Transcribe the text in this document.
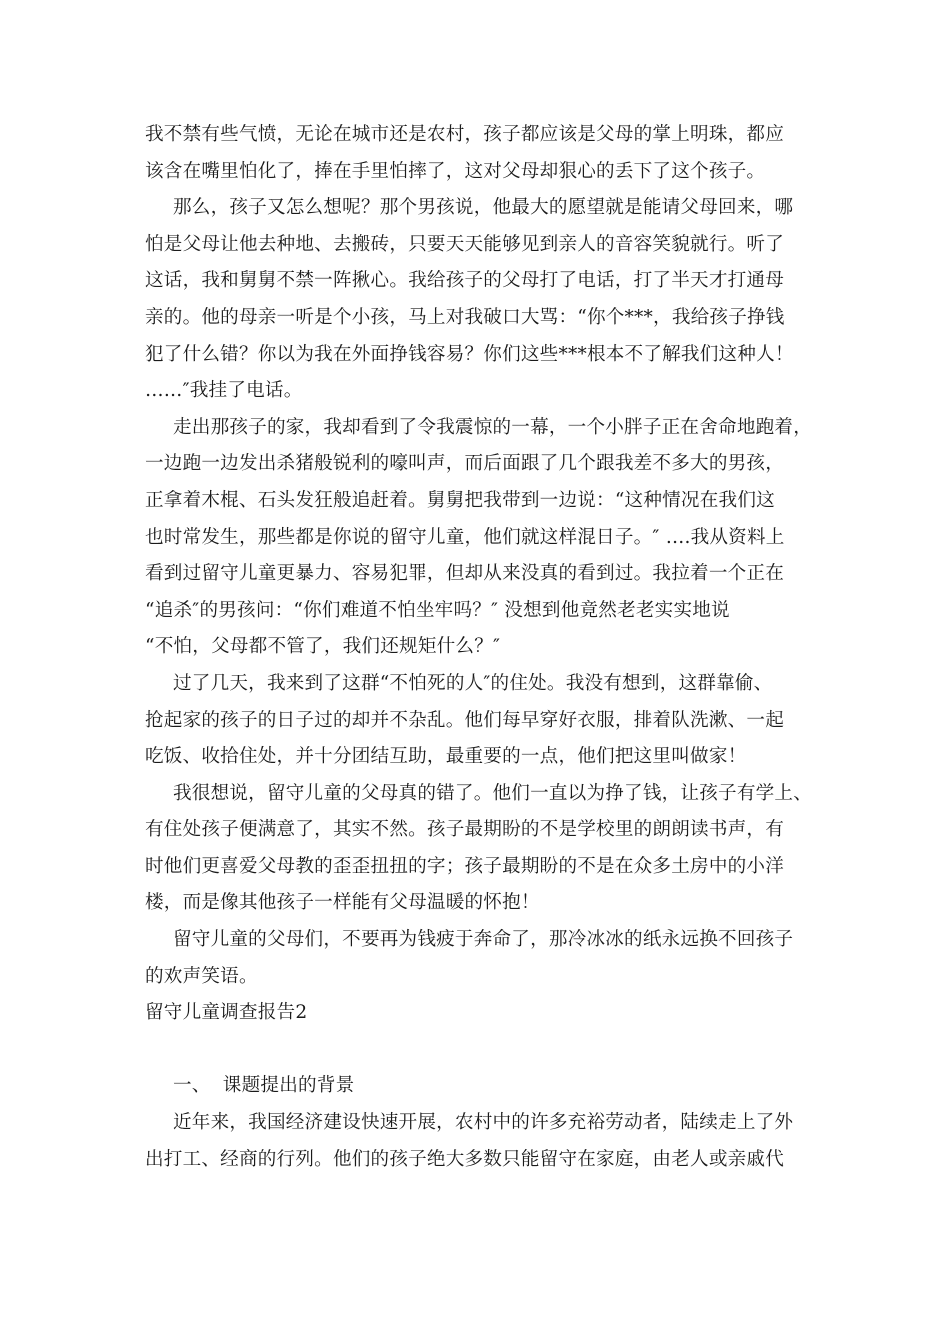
我不禁有些气愤，无论在城市还是农村，孩子都应该是父母的掌上明珠，都应
该含在嘴里怕化了，捧在手里怕摔了，这对父母却狠心的丢下了这个孩子。
那么，孩子又怎么想呢？那个男孩说，他最大的愿望就是能请父母回来，哪
怕是父母让他去种地、去搬砖，只要天天能够见到亲人的音容笑貌就行。听了
这话，我和舅舅不禁一阵揪心。我给孩子的父母打了电话，打了半天才打通母
亲的。他的母亲一听是个小孩，马上对我破口大骂：“你个***，我给孩子挣钱
犯了什么错？你以为我在外面挣钱容易？你们这些***根本不了解我们这种人！
……″我挂了电话。
走出那孩子的家，我却看到了令我震惊的一幕，一个小胖子正在舍命地跑着，
一边跑一边发出杀猪般锐利的嚎叫声，而后面跟了几个跟我差不多大的男孩，
正拿着木棍、石头发狂般追赶着。舅舅把我带到一边说：“这种情况在我们这
也时常发生，那些都是你说的留守儿童，他们就这样混日子。″ ….我从资料上
看到过留守儿童更暴力、容易犯罪，但却从来没真的看到过。我拉着一个正在
“追杀″的男孩问：“你们难道不怕坐牢吗？″ 没想到他竟然老老实实地说
“不怕，父母都不管了，我们还规矩什么？″
过了几天，我来到了这群“不怕死的人″的住处。我没有想到，这群靠偷、
抢起家的孩子的日子过的却并不杂乱。他们每早穿好衣服，排着队洗漱、一起
吃饭、收拾住处，并十分团结互助，最重要的一点，他们把这里叫做家！
我很想说，留守儿童的父母真的错了。他们一直以为挣了钱，让孩子有学上、
有住处孩子便满意了，其实不然。孩子最期盼的不是学校里的朗朗读书声，有
时他们更喜爱父母教的歪歪扭扭的字；孩子最期盼的不是在众多土房中的小洋
楼，而是像其他孩子一样能有父母温暖的怀抱！
留守儿童的父母们，不要再为钱疲于奔命了，那冷冰冰的纸永远换不回孩子
的欢声笑语。
留守儿童调查报告2
一、  课题提出的背景
近年来，我国经济建设快速开展，农村中的许多充裕劳动者，陆续走上了外
出打工、经商的行列。他们的孩子绝大多数只能留守在家庭，由老人或亲戚代
